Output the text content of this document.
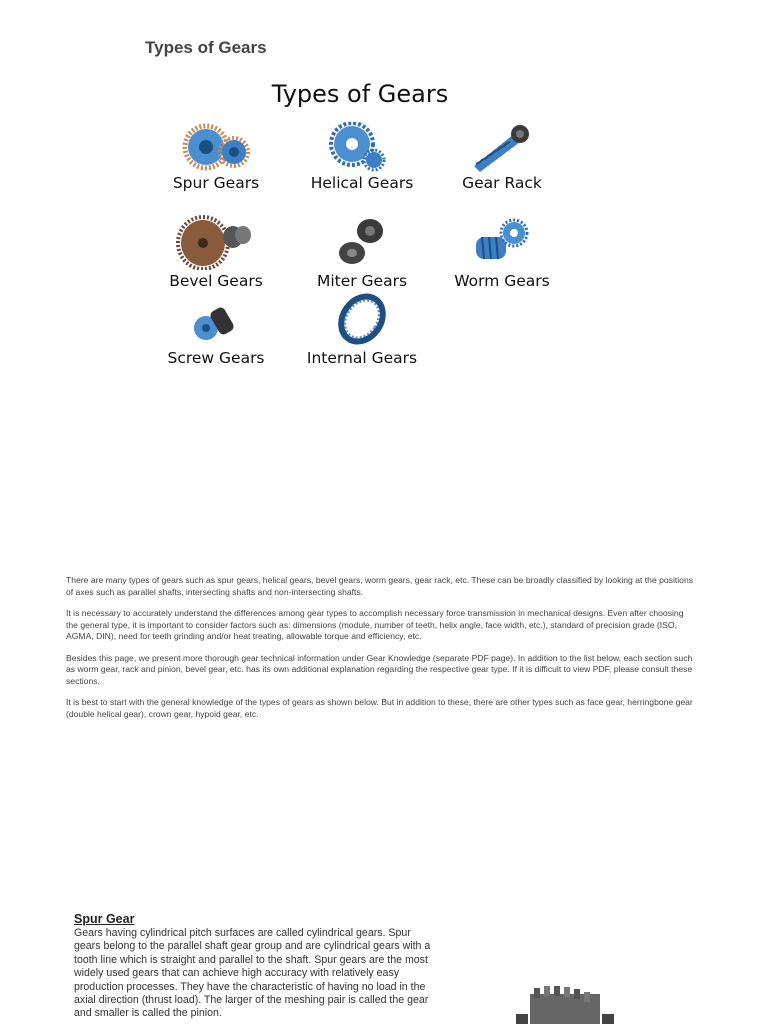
Types of Gears
Types of Gears
Spur Gears	Helical Gears	Gear Rack
Bevel Gears	Miter Gears	Worm Gears
Screw Gears	Internal Gears

There are many types of gears such as spur gears, helical gears, bevel gears, worm gears, gear rack, etc. These can be broadly classified by looking at the positions of axes such as parallel shafts, intersecting shafts and non-intersecting shafts.

It is necessary to accurately understand the differences among gear types to accomplish necessary force transmission in mechanical designs. Even after choosing the general type, it is important to consider factors such as: dimensions (module, number of teeth, helix angle, face width, etc.), standard of precision grade (ISO, AGMA, DIN), need for teeth grinding and/or heat treating, allowable torque and efficiency, etc.

Besides this page, we present more thorough gear technical information under Gear Knowledge (separate PDF page). In addition to the list below, each section such as worm gear, rack and pinion, bevel gear, etc. has its own additional explanation regarding the respective gear type. If it is difficult to view PDF, please consult these sections.

It is best to start with the general knowledge of the types of gears as shown below. But in addition to these, there are other types such as face gear, herringbone gear (double helical gear), crown gear, hypoid gear, etc.

Spur Gear
Gears having cylindrical pitch surfaces are called cylindrical gears. Spur gears belong to the parallel shaft gear group and are cylindrical gears with a tooth line which is straight and parallel to the shaft. Spur gears are the most widely used gears that can achieve high accuracy with relatively easy production processes. They have the characteristic of having no load in the axial direction (thrust load). The larger of the meshing pair is called the gear and smaller is called the pinion.
